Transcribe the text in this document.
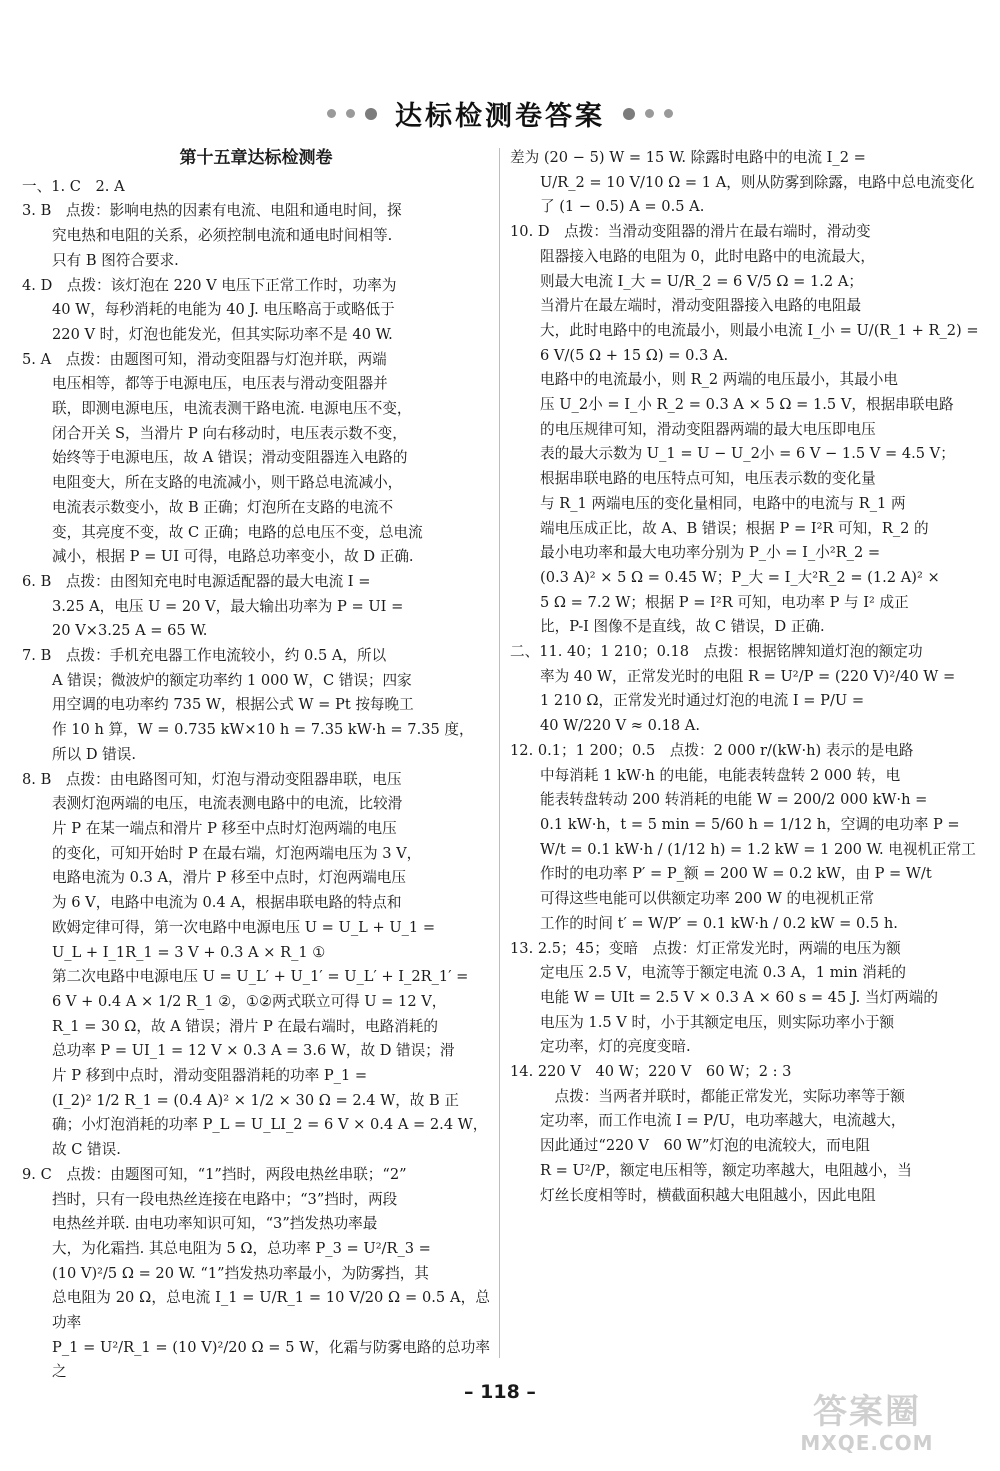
达标检测卷答案
第十五章达标检测卷

一、1. C　2. A

3. B　点拨：影响电热的因素有电流、电阻和通电时间，探

究电热和电阻的关系，必须控制电流和通电时间相等.

只有 B 图符合要求.

4. D　点拨：该灯泡在 220 V 电压下正常工作时，功率为

40 W，每秒消耗的电能为 40 J. 电压略高于或略低于

220 V 时，灯泡也能发光，但其实际功率不是 40 W.

5. A　点拨：由题图可知，滑动变阻器与灯泡并联，两端

电压相等，都等于电源电压，电压表与滑动变阻器并

联，即测电源电压，电流表测干路电流. 电源电压不变，

闭合开关 S，当滑片 P 向右移动时，电压表示数不变，

始终等于电源电压，故 A 错误；滑动变阻器连入电路的

电阻变大，所在支路的电流减小，则干路总电流减小，

电流表示数变小，故 B 正确；灯泡所在支路的电流不

变，其亮度不变，故 C 正确；电路的总电压不变，总电流

减小，根据 P = UI 可得，电路总功率变小，故 D 正确.

6. B　点拨：由图知充电时电源适配器的最大电流 I =

3.25 A，电压 U = 20 V，最大输出功率为 P = UI =

20 V×3.25 A = 65 W.

7. B　点拨：手机充电器工作电流较小，约 0.5 A，所以

A 错误；微波炉的额定功率约 1 000 W，C 错误；四家

用空调的电功率约 735 W，根据公式 W = Pt 按每晚工

作 10 h 算，W = 0.735 kW×10 h = 7.35 kW·h = 7.35 度，

所以 D 错误.

8. B　点拨：由电路图可知，灯泡与滑动变阻器串联，电压

表测灯泡两端的电压，电流表测电路中的电流，比较滑

片 P 在某一端点和滑片 P 移至中点时灯泡两端的电压

的变化，可知开始时 P 在最右端，灯泡两端电压为 3 V，

电路电流为 0.3 A，滑片 P 移至中点时，灯泡两端电压

为 6 V，电路中电流为 0.4 A，根据串联电路的特点和

欧姆定律可得，第一次电路中电源电压 U = U_L + U_1 =

U_L + I_1R_1 = 3 V + 0.3 A × R_1 ①

第二次电路中电源电压 U = U_L′ + U_1′ = U_L′ + I_2R_1′ =

6 V + 0.4 A × 1/2 R_1 ②，①②两式联立可得 U = 12 V，

R_1 = 30 Ω，故 A 错误；滑片 P 在最右端时，电路消耗的

总功率 P = UI_1 = 12 V × 0.3 A = 3.6 W，故 D 错误；滑

片 P 移到中点时，滑动变阻器消耗的功率 P_1 =

(I_2)² 1/2 R_1 = (0.4 A)² × 1/2 × 30 Ω = 2.4 W，故 B 正

确；小灯泡消耗的功率 P_L = U_LI_2 = 6 V × 0.4 A = 2.4 W，

故 C 错误.

9. C　点拨：由题图可知，“1”挡时，两段电热丝串联；“2”

挡时，只有一段电热丝连接在电路中；“3”挡时，两段

电热丝并联. 由电功率知识可知，“3”挡发热功率最

大，为化霜挡. 其总电阻为 5 Ω，总功率 P_3 = U²/R_3 =

(10 V)²/5 Ω = 20 W. “1”挡发热功率最小，为防雾挡，其

总电阻为 20 Ω，总电流 I_1 = U/R_1 = 10 V/20 Ω = 0.5 A，总功率

P_1 = U²/R_1 = (10 V)²/20 Ω = 5 W，化霜与防雾电路的总功率之

差为 (20 − 5) W = 15 W. 除露时电路中的电流 I_2 =

U/R_2 = 10 V/10 Ω = 1 A，则从防雾到除露，电路中总电流变化

了 (1 − 0.5) A = 0.5 A.

10. D　点拨：当滑动变阻器的滑片在最右端时，滑动变

阻器接入电路的电阻为 0，此时电路中的电流最大，

则最大电流 I_大 = U/R_2 = 6 V/5 Ω = 1.2 A；

当滑片在最左端时，滑动变阻器接入电路的电阻最

大，此时电路中的电流最小，则最小电流 I_小 = U/(R_1 + R_2) =

6 V/(5 Ω + 15 Ω) = 0.3 A.

电路中的电流最小，则 R_2 两端的电压最小，其最小电

压 U_2小 = I_小 R_2 = 0.3 A × 5 Ω = 1.5 V，根据串联电路

的电压规律可知，滑动变阻器两端的最大电压即电压

表的最大示数为 U_1 = U − U_2小 = 6 V − 1.5 V = 4.5 V；

根据串联电路的电压特点可知，电压表示数的变化量

与 R_1 两端电压的变化量相同，电路中的电流与 R_1 两

端电压成正比，故 A、B 错误；根据 P = I²R 可知，R_2 的

最小电功率和最大电功率分别为 P_小 = I_小²R_2 =

(0.3 A)² × 5 Ω = 0.45 W；P_大 = I_大²R_2 = (1.2 A)² ×

5 Ω = 7.2 W；根据 P = I²R 可知，电功率 P 与 I² 成正

比，P-I 图像不是直线，故 C 错误，D 正确.

二、11. 40；1 210；0.18　点拨：根据铭牌知道灯泡的额定功

率为 40 W，正常发光时的电阻 R = U²/P = (220 V)²/40 W =

1 210 Ω，正常发光时通过灯泡的电流 I = P/U =

40 W/220 V ≈ 0.18 A.

12. 0.1；1 200；0.5　点拨：2 000 r/(kW·h) 表示的是电路

中每消耗 1 kW·h 的电能，电能表转盘转 2 000 转，电

能表转盘转动 200 转消耗的电能 W = 200/2 000 kW·h =

0.1 kW·h，t = 5 min = 5/60 h = 1/12 h，空调的电功率 P =

W/t = 0.1 kW·h / (1/12 h) = 1.2 kW = 1 200 W. 电视机正常工

作时的电功率 P′ = P_额 = 200 W = 0.2 kW，由 P = W/t

可得这些电能可以供额定功率 200 W 的电视机正常

工作的时间 t′ = W/P′ = 0.1 kW·h / 0.2 kW = 0.5 h.

13. 2.5；45；变暗　点拨：灯正常发光时，两端的电压为额

定电压 2.5 V，电流等于额定电流 0.3 A，1 min 消耗的

电能 W = UIt = 2.5 V × 0.3 A × 60 s = 45 J. 当灯两端的

电压为 1.5 V 时，小于其额定电压，则实际功率小于额

定功率，灯的亮度变暗.

14. 220 V　40 W；220 V　60 W；2 : 3

　点拨：当两者并联时，都能正常发光，实际功率等于额

定功率，而工作电流 I = P/U，电功率越大，电流越大，

因此通过“220 V　60 W”灯泡的电流较大，而电阻

R = U²/P，额定电压相等，额定功率越大，电阻越小，当

灯丝长度相等时，横截面积越大电阻越小，因此电阻

– 118 –	答案圈
MXQE.COM
